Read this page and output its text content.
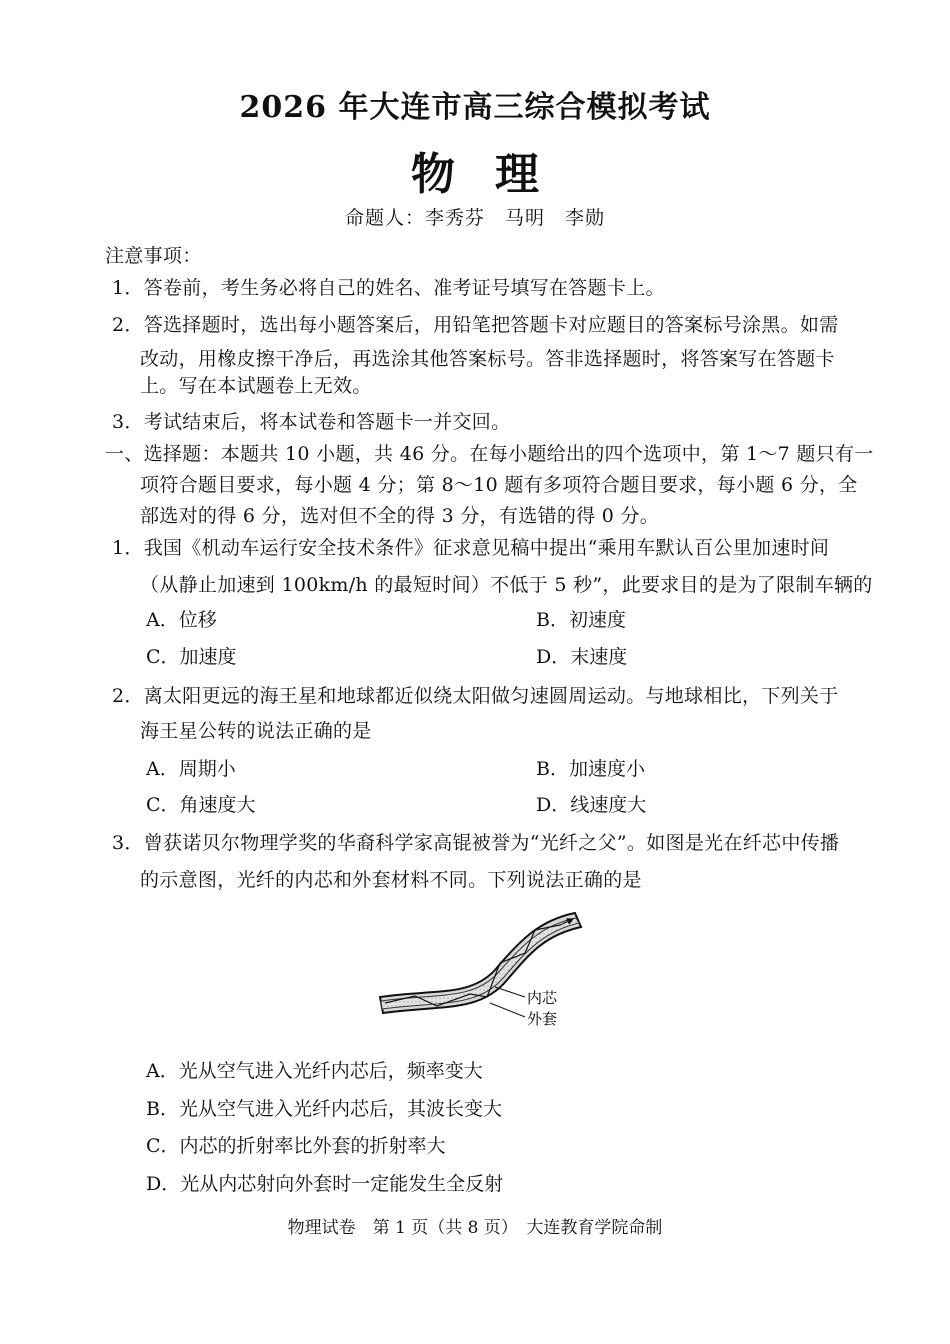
2026 年大连市高三综合模拟考试
物理
命题人：李秀芬　马明　李勋
注意事项：
1．答卷前，考生务必将自己的姓名、准考证号填写在答题卡上。
2．答选择题时，选出每小题答案后，用铅笔把答题卡对应题目的答案标号涂黑。如需
改动，用橡皮擦干净后，再选涂其他答案标号。答非选择题时，将答案写在答题卡
上。写在本试题卷上无效。
3．考试结束后，将本试卷和答题卡一并交回。
一、选择题：本题共 10 小题，共 46 分。在每小题给出的四个选项中，第 1～7 题只有一
项符合题目要求，每小题 4 分；第 8～10 题有多项符合题目要求，每小题 6 分，全
部选对的得 6 分，选对但不全的得 3 分，有选错的得 0 分。
1．我国《机动车运行安全技术条件》征求意见稿中提出“乘用车默认百公里加速时间
（从静止加速到 100km/h 的最短时间）不低于 5 秒”，此要求目的是为了限制车辆的
A．位移	B．初速度
C．加速度	D．末速度
2．离太阳更远的海王星和地球都近似绕太阳做匀速圆周运动。与地球相比，下列关于
海王星公转的说法正确的是
A．周期小	B．加速度小
C．角速度大	D．线速度大
3．曾获诺贝尔物理学奖的华裔科学家高锟被誉为“光纤之父”。如图是光在纤芯中传播
的示意图，光纤的内芯和外套材料不同。下列说法正确的是
内芯
外套
A．光从空气进入光纤内芯后，频率变大
B．光从空气进入光纤内芯后，其波长变大
C．内芯的折射率比外套的折射率大
D．光从内芯射向外套时一定能发生全反射
物理试卷　第 1 页（共 8 页）　大连教育学院命制
